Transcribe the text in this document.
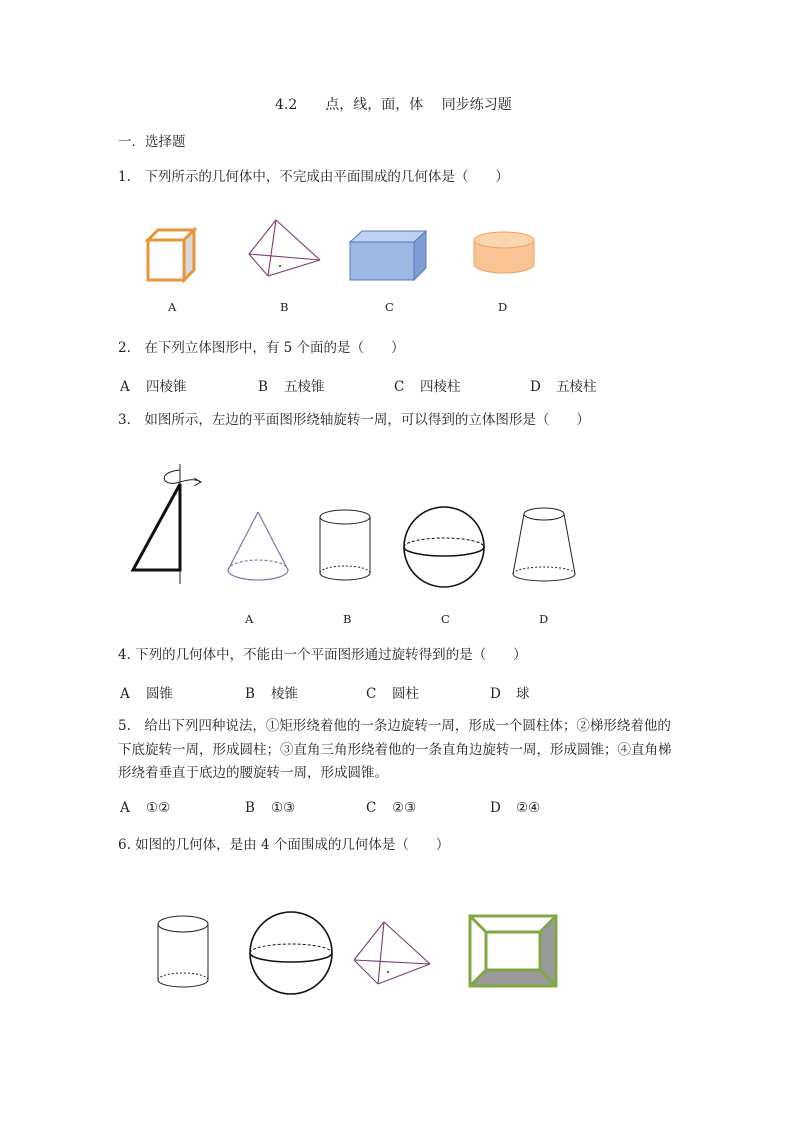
4.2　　点，线，面，体　 同步练习题
一．选择题
1.　下列所示的几何体中，不完成由平面围成的几何体是（　　）
A	B	C	D
2.　在下列立体图形中，有 5 个面的是（　　）
A 四棱锥	B 五棱锥	C 四棱柱	D 五棱柱
3.　如图所示，左边的平面图形绕轴旋转一周，可以得到的立体图形是（　　）
A	B	C	D
4. 下列的几何体中，不能由一个平面图形通过旋转得到的是（　　）
A 圆锥	B 棱锥	C 圆柱	D 球
5.　给出下列四种说法，①矩形绕着他的一条边旋转一周，形成一个圆柱体；②梯形绕着他的
下底旋转一周，形成圆柱；③直角三角形绕着他的一条直角边旋转一周，形成圆锥；④直角梯
形绕着垂直于底边的腰旋转一周，形成圆锥。
A ①②	B ①③	C ②③	D ②④
6. 如图的几何体，是由 4 个面围成的几何体是（　　）
